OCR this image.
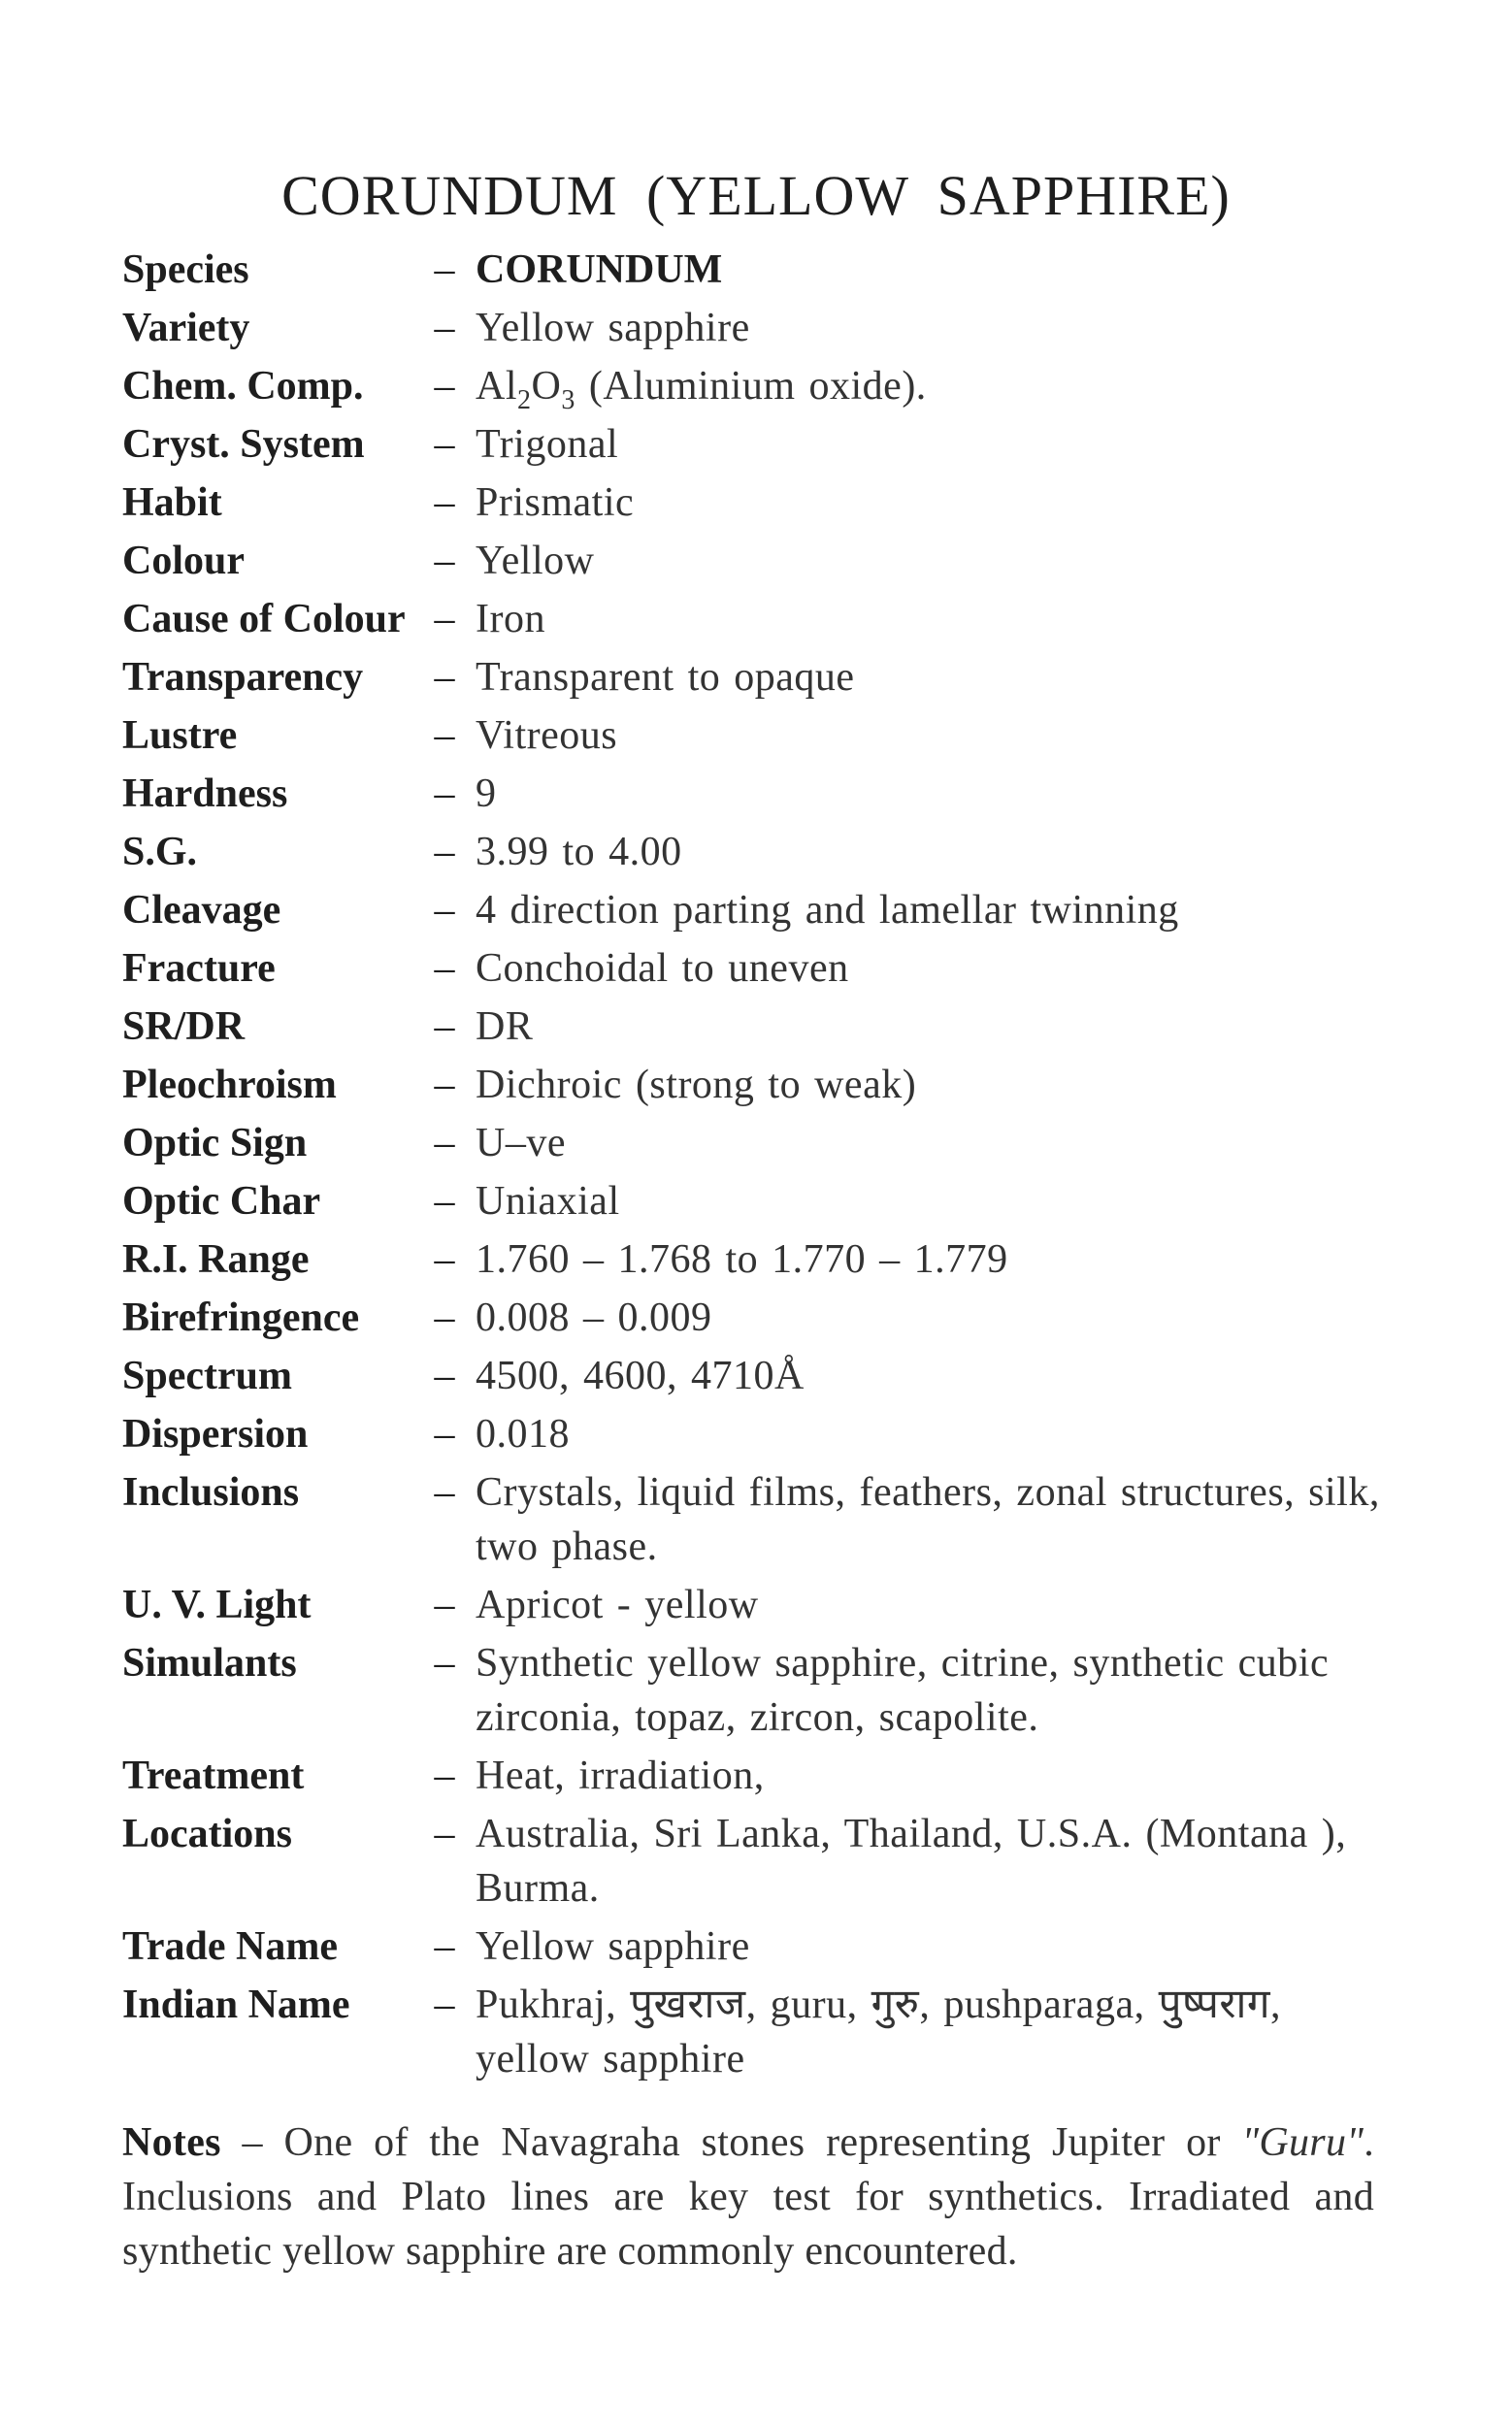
CORUNDUM (YELLOW SAPPHIRE)
Species	– CORUNDUM
Variety	– Yellow sapphire
Chem. Comp.	– $Al_2O_3$ (Aluminium oxide).
Cryst. System	– Trigonal
Habit	– Prismatic
Colour	– Yellow
Cause of Colour – Iron
Transparency	– Transparent to opaque
Lustre	– Vitreous
Hardness	– 9
S.G.	– 3.99 to 4.00
Cleavage	– 4 direction parting and lamellar twinning
Fracture	– Conchoidal to uneven
SR/DR	– DR
Pleochroism	– Dichroic (strong to weak)
Optic Sign	– U–ve
Optic Char	– Uniaxial
R.I. Range	– 1.760 – 1.768 to 1.770 – 1.779
Birefringence	– 0.008 – 0.009
Spectrum	– 4500, 4600, 4710Å
Dispersion	– 0.018
Inclusions	– Crystals, liquid films, feathers, zonal structures, silk, two phase.
U. V. Light	– Apricot - yellow
Simulants	– Synthetic yellow sapphire, citrine, synthetic cubic zirconia, topaz, zircon, scapolite.
Treatment	– Heat, irradiation,
Locations	– Australia, Sri Lanka, Thailand, U.S.A. (Montana ), Burma.
Trade Name	– Yellow sapphire
Indian Name	– Pukhraj, पुखराज, guru, गुरु, pushparaga, पुष्पराग, yellow sapphire

Notes – One of the Navagraha stones representing Jupiter or "Guru". Inclusions and Plato lines are key test for synthetics. Irradiated and synthetic yellow sapphire are commonly encountered.
